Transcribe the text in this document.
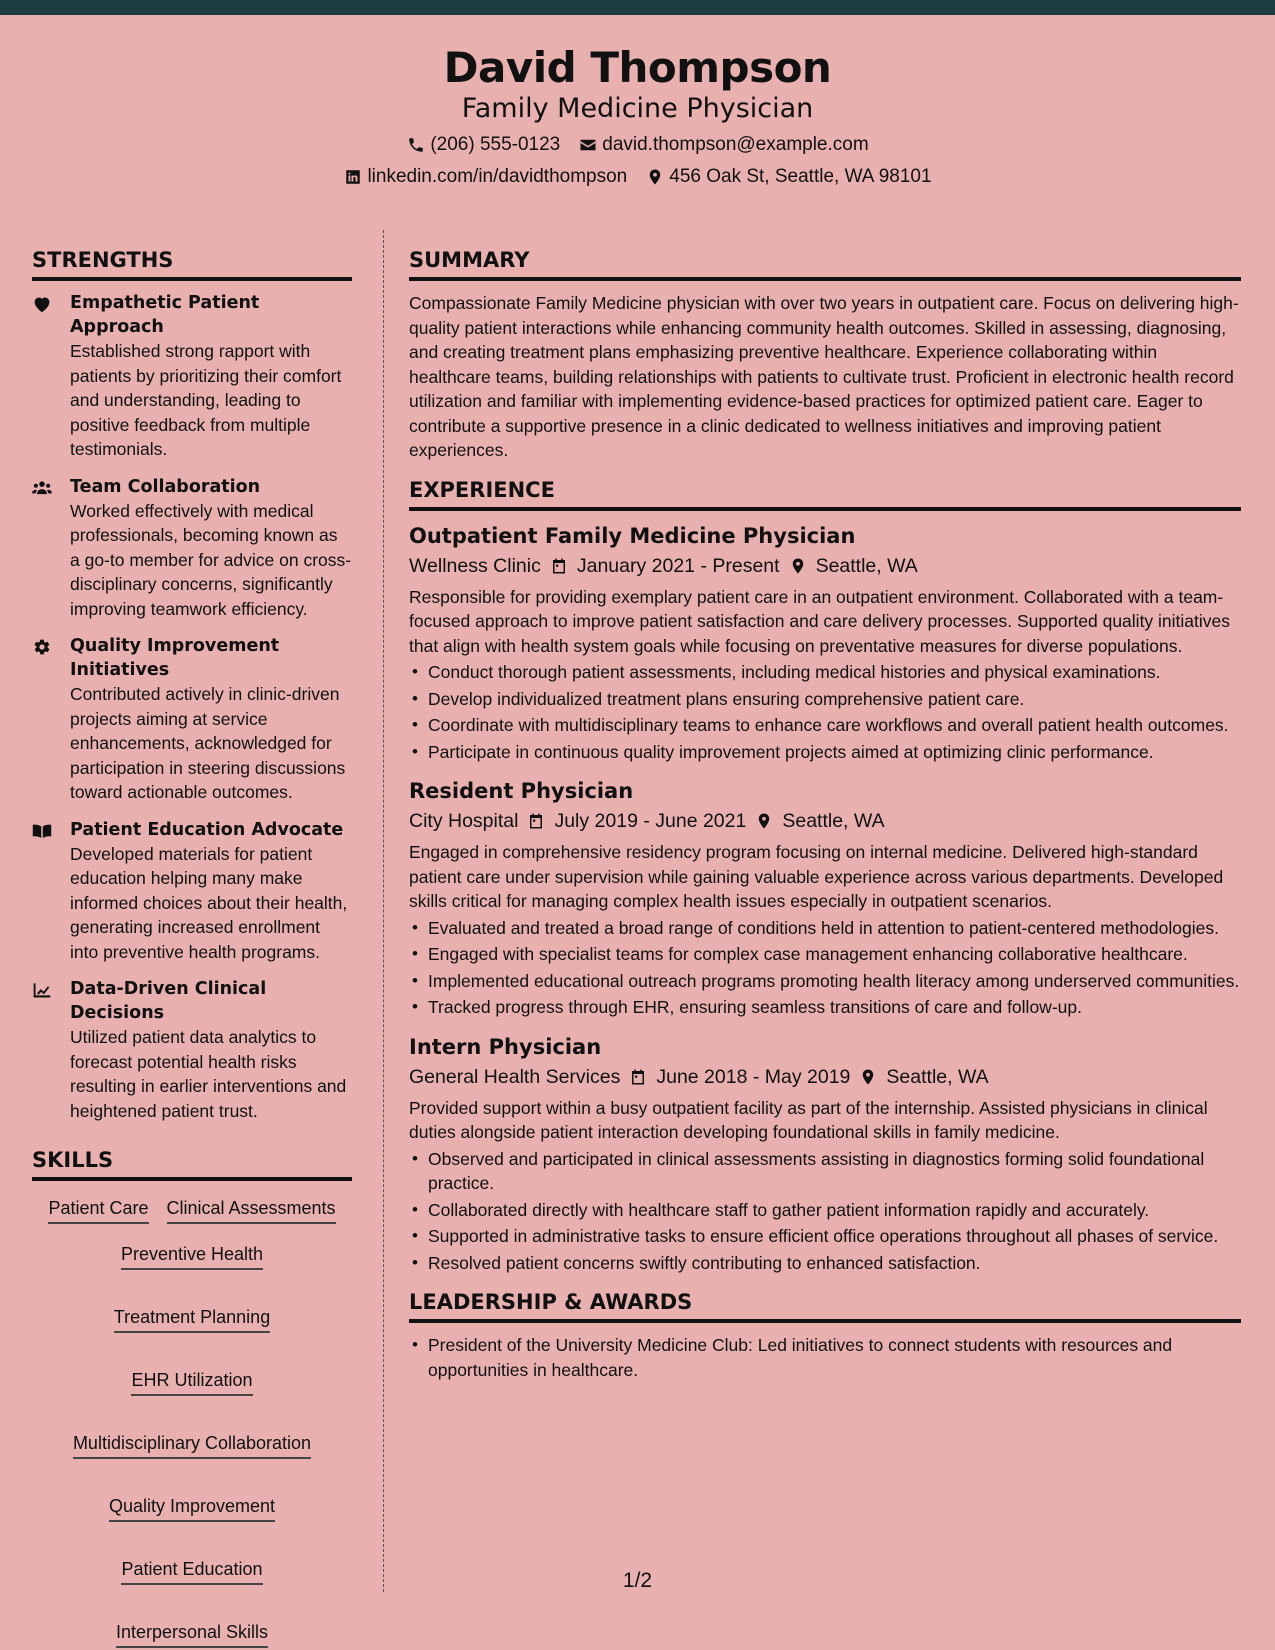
David Thompson
Family Medicine Physician
(206) 555-0123 david.thompson@example.com
linkedin.com/in/davidthompson 456 Oak St, Seattle, WA 98101
STRENGTHS
Empathetic Patient Approach
Established strong rapport with patients by prioritizing their comfort and understanding, leading to positive feedback from multiple testimonials.
Team Collaboration
Worked effectively with medical professionals, becoming known as a go-to member for advice on cross-disciplinary concerns, significantly improving teamwork efficiency.
Quality Improvement Initiatives
Contributed actively in clinic-driven projects aiming at service enhancements, acknowledged for participation in steering discussions toward actionable outcomes.
Patient Education Advocate
Developed materials for patient education helping many make informed choices about their health, generating increased enrollment into preventive health programs.
Data-Driven Clinical Decisions
Utilized patient data analytics to forecast potential health risks resulting in earlier interventions and heightened patient trust.
SKILLS
Patient Care Clinical Assessments
Preventive Health
Treatment Planning
EHR Utilization
Multidisciplinary Collaboration
Quality Improvement
Patient Education
Interpersonal Skills
SUMMARY

Compassionate Family Medicine physician with over two years in outpatient care. Focus on delivering high-quality patient interactions while enhancing community health outcomes. Skilled in assessing, diagnosing, and creating treatment plans emphasizing preventive healthcare. Experience collaborating within healthcare teams, building relationships with patients to cultivate trust. Proficient in electronic health record utilization and familiar with implementing evidence-based practices for optimized patient care. Eager to contribute a supportive presence in a clinic dedicated to wellness initiatives and improving patient experiences.

EXPERIENCE
Outpatient Family Medicine Physician
Wellness Clinic January 2021 - Present Seattle, WA
Responsible for providing exemplary patient care in an outpatient environment. Collaborated with a team-focused approach to improve patient satisfaction and care delivery processes. Supported quality initiatives that align with health system goals while focusing on preventative measures for diverse populations.
• Conduct thorough patient assessments, including medical histories and physical examinations.
• Develop individualized treatment plans ensuring comprehensive patient care.
• Coordinate with multidisciplinary teams to enhance care workflows and overall patient health outcomes.
• Participate in continuous quality improvement projects aimed at optimizing clinic performance.
Resident Physician
City Hospital July 2019 - June 2021 Seattle, WA
Engaged in comprehensive residency program focusing on internal medicine. Delivered high-standard patient care under supervision while gaining valuable experience across various departments. Developed skills critical for managing complex health issues especially in outpatient scenarios.
• Evaluated and treated a broad range of conditions held in attention to patient-centered methodologies.
• Engaged with specialist teams for complex case management enhancing collaborative healthcare.
• Implemented educational outreach programs promoting health literacy among underserved communities.
• Tracked progress through EHR, ensuring seamless transitions of care and follow-up.
Intern Physician
General Health Services June 2018 - May 2019 Seattle, WA
Provided support within a busy outpatient facility as part of the internship. Assisted physicians in clinical duties alongside patient interaction developing foundational skills in family medicine.
• Observed and participated in clinical assessments assisting in diagnostics forming solid foundational practice.
• Collaborated directly with healthcare staff to gather patient information rapidly and accurately.
• Supported in administrative tasks to ensure efficient office operations throughout all phases of service.
• Resolved patient concerns swiftly contributing to enhanced satisfaction.
LEADERSHIP & AWARDS
• President of the University Medicine Club: Led initiatives to connect students with resources and opportunities in healthcare.
1/2
